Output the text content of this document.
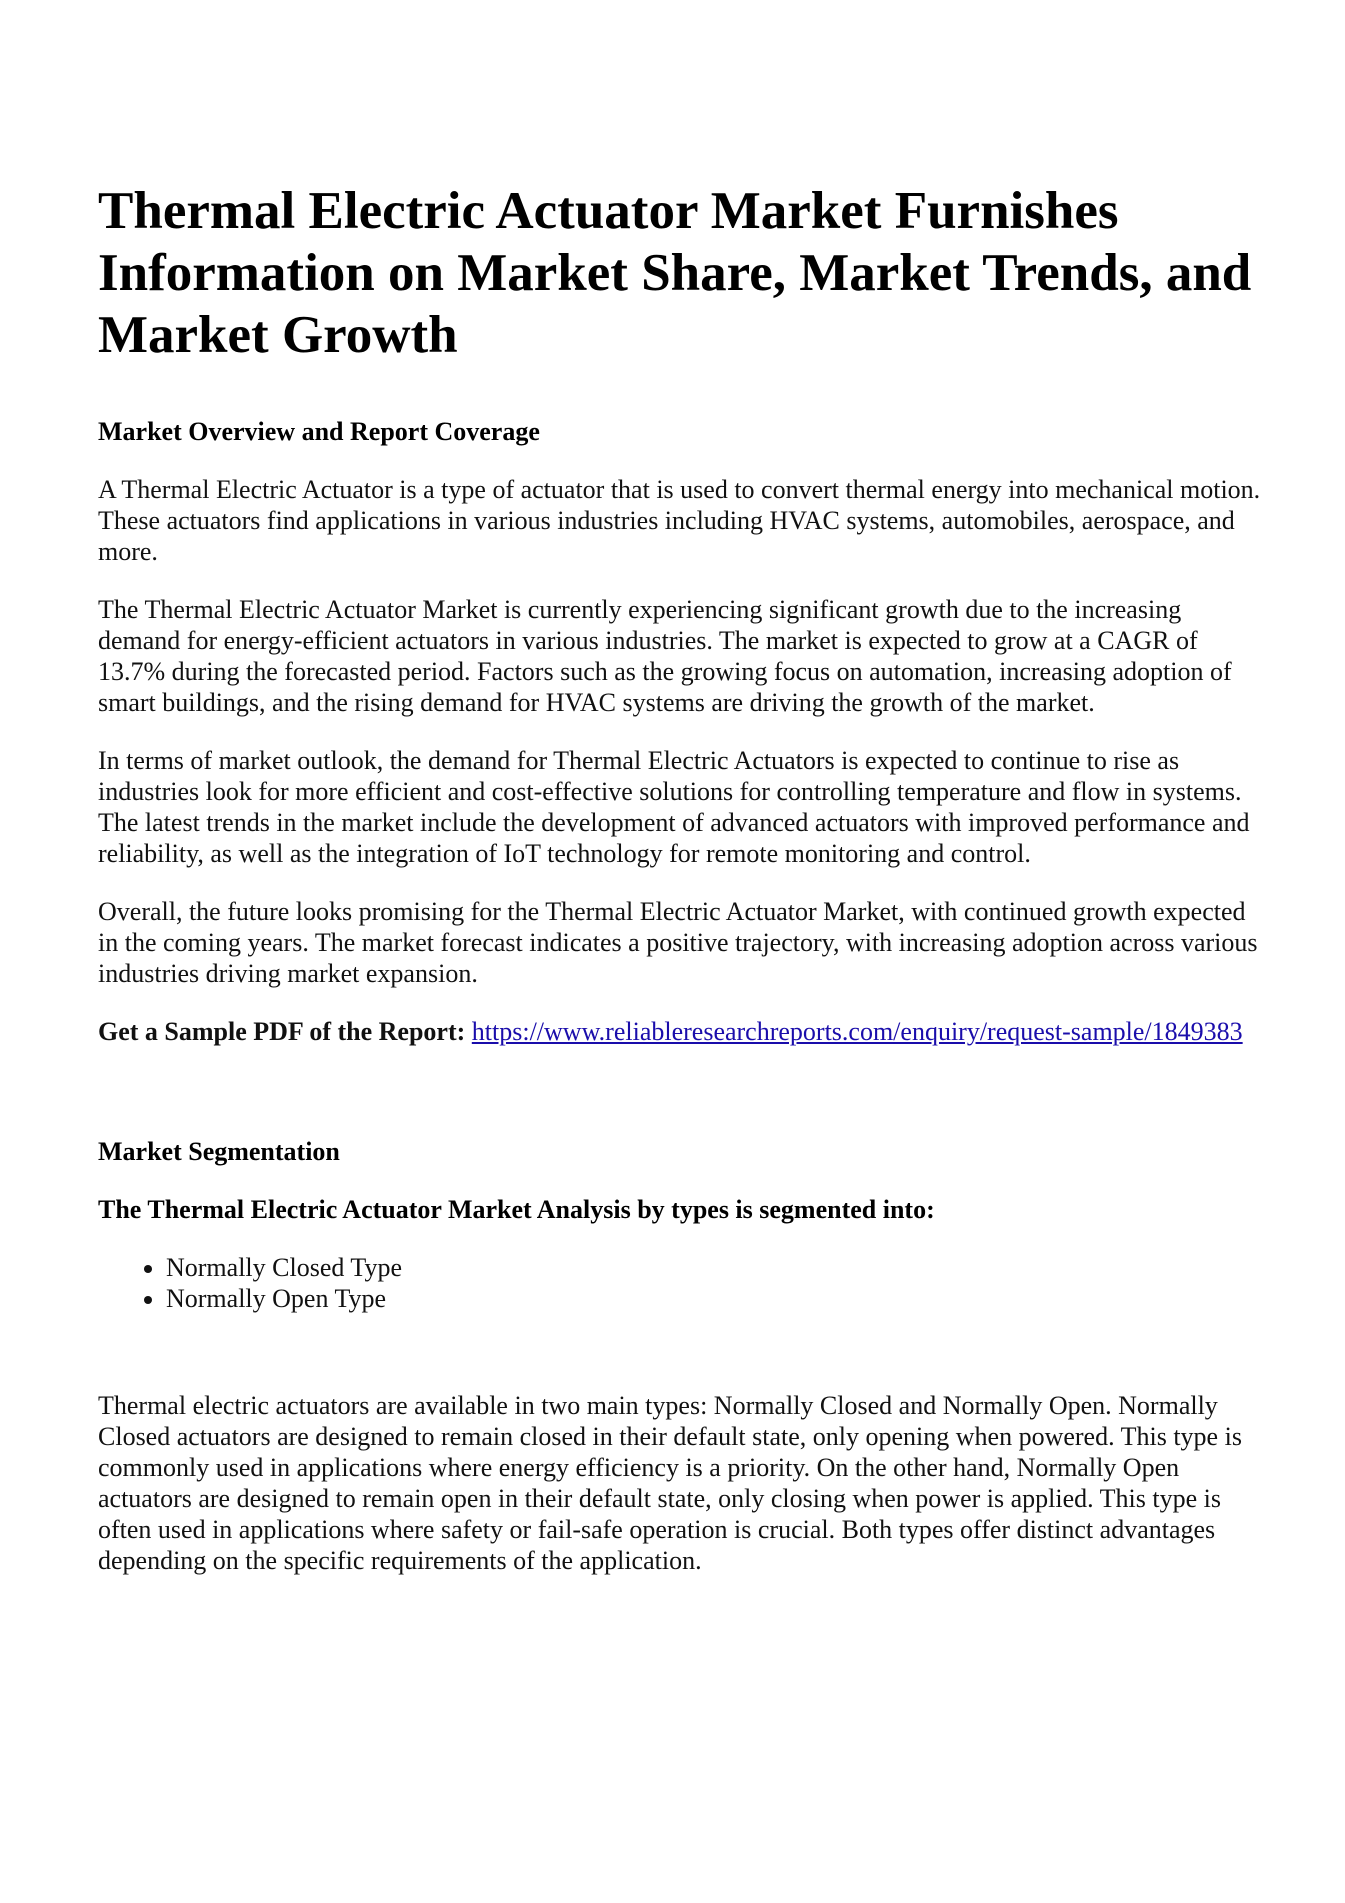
Thermal Electric Actuator Market Furnishes Information on Market Share, Market Trends, and Market Growth
Market Overview and Report Coverage

A Thermal Electric Actuator is a type of actuator that is used to convert thermal energy into mechanical motion. These actuators find applications in various industries including HVAC systems, automobiles, aerospace, and more.

The Thermal Electric Actuator Market is currently experiencing significant growth due to the increasing demand for energy-efficient actuators in various industries. The market is expected to grow at a CAGR of 13.7% during the forecasted period. Factors such as the growing focus on automation, increasing adoption of smart buildings, and the rising demand for HVAC systems are driving the growth of the market.

In terms of market outlook, the demand for Thermal Electric Actuators is expected to continue to rise as industries look for more efficient and cost-effective solutions for controlling temperature and flow in systems. The latest trends in the market include the development of advanced actuators with improved performance and reliability, as well as the integration of IoT technology for remote monitoring and control.

Overall, the future looks promising for the Thermal Electric Actuator Market, with continued growth expected in the coming years. The market forecast indicates a positive trajectory, with increasing adoption across various industries driving market expansion.

Get a Sample PDF of the Report: https://www.reliableresearchreports.com/enquiry/request-sample/1849383

Market Segmentation
The Thermal Electric Actuator Market Analysis by types is segmented into:
• Normally Closed Type
• Normally Open Type

Thermal electric actuators are available in two main types: Normally Closed and Normally Open. Normally Closed actuators are designed to remain closed in their default state, only opening when powered. This type is commonly used in applications where energy efficiency is a priority. On the other hand, Normally Open actuators are designed to remain open in their default state, only closing when power is applied. This type is often used in applications where safety or fail-safe operation is crucial. Both types offer distinct advantages depending on the specific requirements of the application.
